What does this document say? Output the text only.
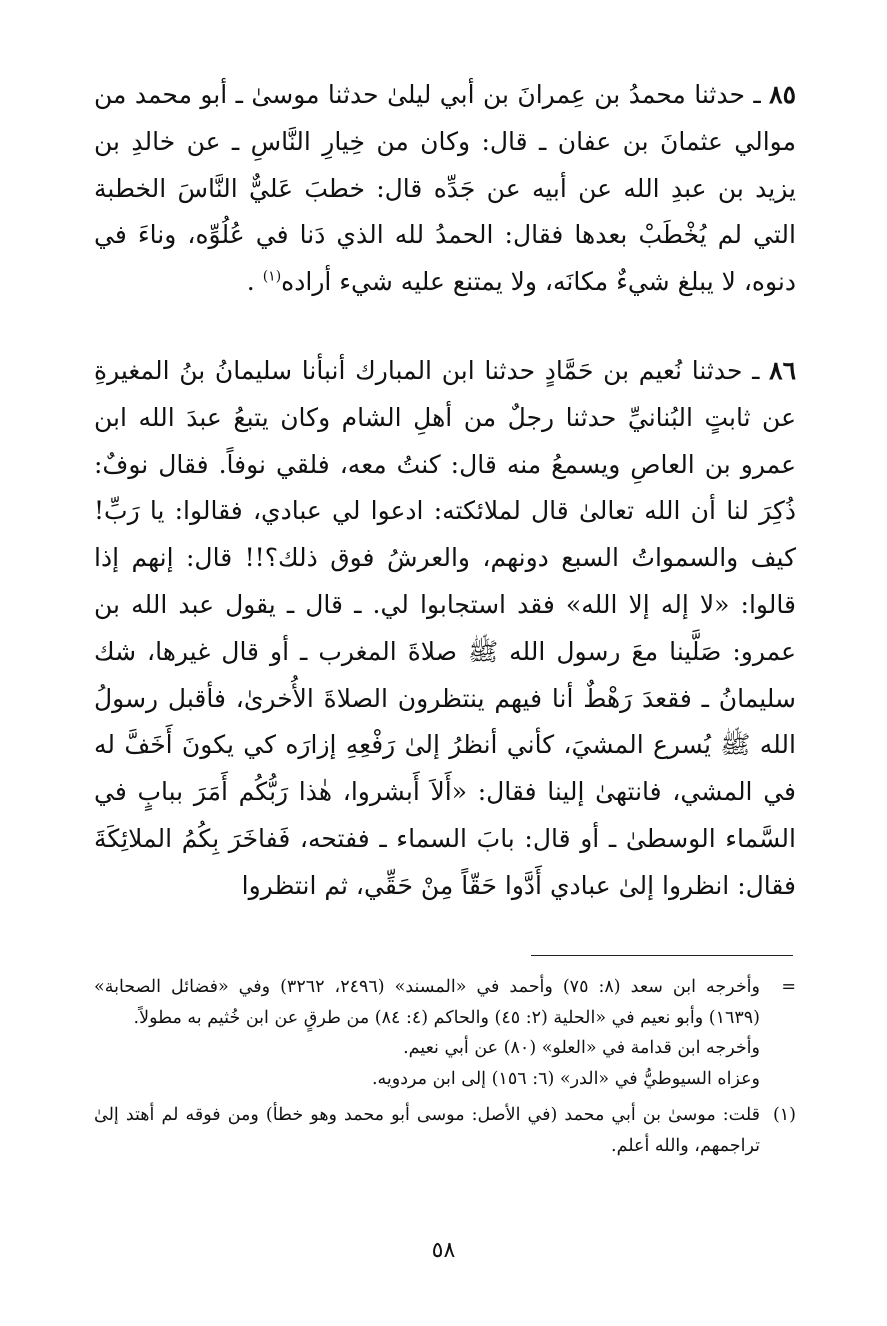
٨٥ ـ حدثنا محمدُ بن عِمرانَ بن أبي ليلىٰ حدثنا موسىٰ ـ أبو محمد من موالي عثمانَ بن عفان ـ قال: وكان من خِيارِ النَّاسِ ـ عن خالدِ بن يزيد بن عبدِ الله عن أبيه عن جَدِّه قال: خطبَ عَليٌّ النَّاسَ الخطبة التي لم يُخْطَبْ بعدها فقال: الحمدُ لله الذي دَنا في عُلُوِّه، وناءَ في دنوه، لا يبلغ شيءٌ مكانَه، ولا يمتنع عليه شيء أراده$^{(١)}$ .

٨٦ ـ حدثنا نُعيم بن حَمَّادٍ حدثنا ابن المبارك أنبأنا سليمانُ بنُ المغيرةِ عن ثابتٍ البُنانيِّ حدثنا رجلٌ من أهلِ الشام وكان يتبعُ عبدَ الله ابن عمرو بن العاصِ ويسمعُ منه قال: كنتُ معه، فلقي نوفاً. فقال نوفٌ: ذُكِرَ لنا أن الله تعالىٰ قال لملائكته: ادعوا لي عبادي، فقالوا: يا رَبِّ! كيف والسمواتُ السبع دونهم، والعرشُ فوق ذلك؟!! قال: إنهم إذا قالوا: «لا إله إلا الله» فقد استجابوا لي. ـ قال ـ يقول عبد الله بن عمرو: صَلَّينا معَ رسول الله ﷺ صلاةَ المغرب ـ أو قال غيرها، شك سليمانُ ـ فقعدَ رَهْطٌ أنا فيهم ينتظرون الصلاةَ الأُخرىٰ، فأقبل رسولُ الله ﷺ يُسرع المشيَ، كأني أنظرُ إلىٰ رَفْعِهِ إزارَه كي يكونَ أَخَفَّ له في المشي، فانتهىٰ إلينا فقال: «أَلاَ أَبشروا، هٰذا رَبُّكُم أَمَرَ ببابٍ في السَّماء الوسطىٰ ـ أو قال: بابَ السماء ـ ففتحه، فَفاخَرَ بِكُمُ الملائِكَةَ فقال: انظروا إلىٰ عبادي أَدَّوا حَقّاً مِنْ حَقِّي، ثم انتظروا

=

وأخرجه ابن سعد (٨: ٧٥) وأحمد في «المسند» (٢٤٩٦، ٣٢٦٢) وفي «فضائل الصحابة» (١٦٣٩) وأبو نعيم في «الحلية (٢: ٤٥) والحاكم (٤: ٨٤) من طرقٍ عن ابن خُثيم به مطولاً.

وأخرجه ابن قدامة في «العلو» (٨٠) عن أبي نعيم.

وعزاه السيوطيُّ في «الدر» (٦: ١٥٦) إلى ابن مردويه.

(١)

قلت: موسىٰ بن أبي محمد (في الأصل: موسى أبو محمد وهو خطأ) ومن فوقه لم أهتد إلىٰ تراجمهم، والله أعلم.

٥٨
